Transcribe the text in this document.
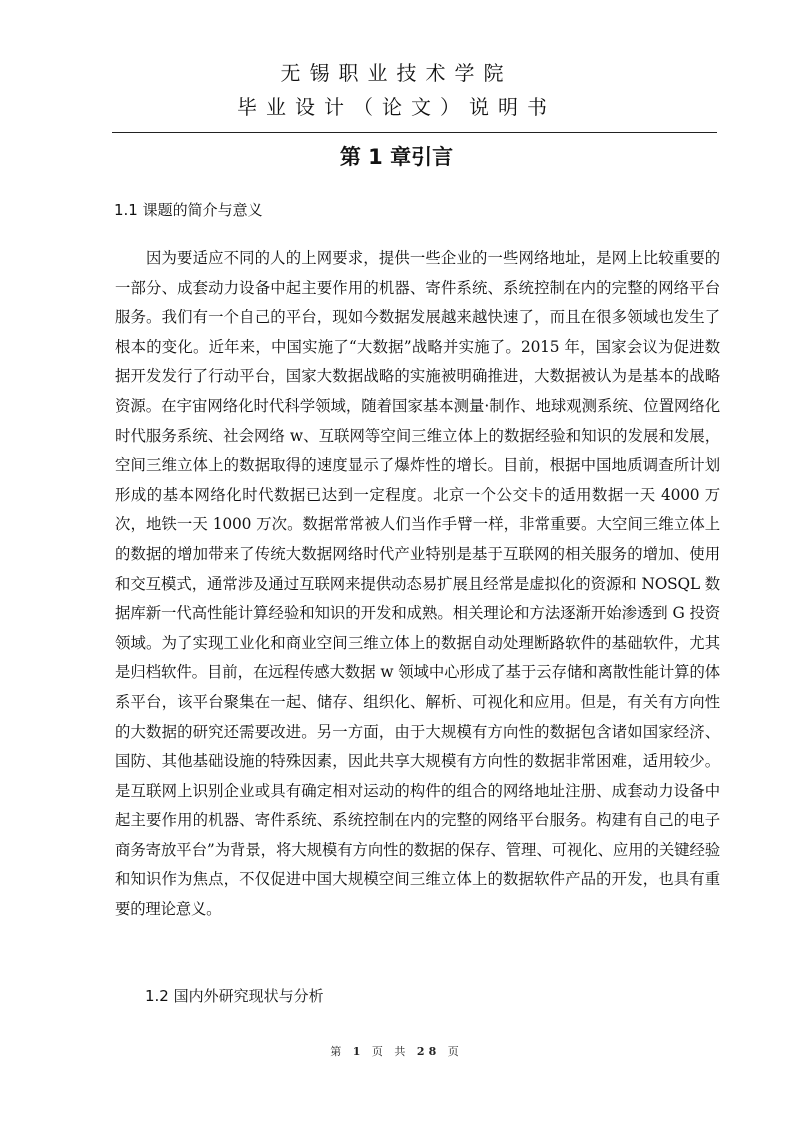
无锡职业技术学院
毕业设计（论文）说明书
第 1 章引言
1.1 课题的简介与意义

因为要适应不同的人的上网要求，提供一些企业的一些网络地址，是网上比较重要的一部分、成套动力设备中起主要作用的机器、寄件系统、系统控制在内的完整的网络平台服务。我们有一个自己的平台，现如今数据发展越来越快速了，而且在很多领域也发生了根本的变化。近年来，中国实施了“大数据”战略并实施了。2015 年，国家会议为促进数据开发发行了行动平台，国家大数据战略的实施被明确推进，大数据被认为是基本的战略资源。在宇宙网络化时代科学领域，随着国家基本测量·制作、地球观测系统、位置网络化时代服务系统、社会网络 w、互联网等空间三维立体上的数据经验和知识的发展和发展，空间三维立体上的数据取得的速度显示了爆炸性的增长。目前，根据中国地质调查所计划形成的基本网络化时代数据已达到一定程度。北京一个公交卡的适用数据一天 4000 万次，地铁一天 1000 万次。数据常常被人们当作手臂一样，非常重要。大空间三维立体上的数据的增加带来了传统大数据网络时代产业特别是基于互联网的相关服务的增加、使用和交互模式，通常涉及通过互联网来提供动态易扩展且经常是虚拟化的资源和 NOSQL 数据库新一代高性能计算经验和知识的开发和成熟。相关理论和方法逐渐开始渗透到 G 投资领域。为了实现工业化和商业空间三维立体上的数据自动处理断路软件的基础软件，尤其是归档软件。目前，在远程传感大数据 w 领域中心形成了基于云存储和离散性能计算的体系平台，该平台聚集在一起、储存、组织化、解析、可视化和应用。但是，有关有方向性的大数据的研究还需要改进。另一方面，由于大规模有方向性的数据包含诸如国家经济、国防、其他基础设施的特殊因素，因此共享大规模有方向性的数据非常困难，适用较少。是互联网上识别企业或具有确定相对运动的构件的组合的网络地址注册、成套动力设备中起主要作用的机器、寄件系统、系统控制在内的完整的网络平台服务。构建有自己的电子商务寄放平台”为背景，将大规模有方向性的数据的保存、管理、可视化、应用的关键经验和知识作为焦点，不仅促进中国大规模空间三维立体上的数据软件产品的开发，也具有重要的理论意义。

1.2 国内外研究现状与分析
第 1 页 共 28 页
